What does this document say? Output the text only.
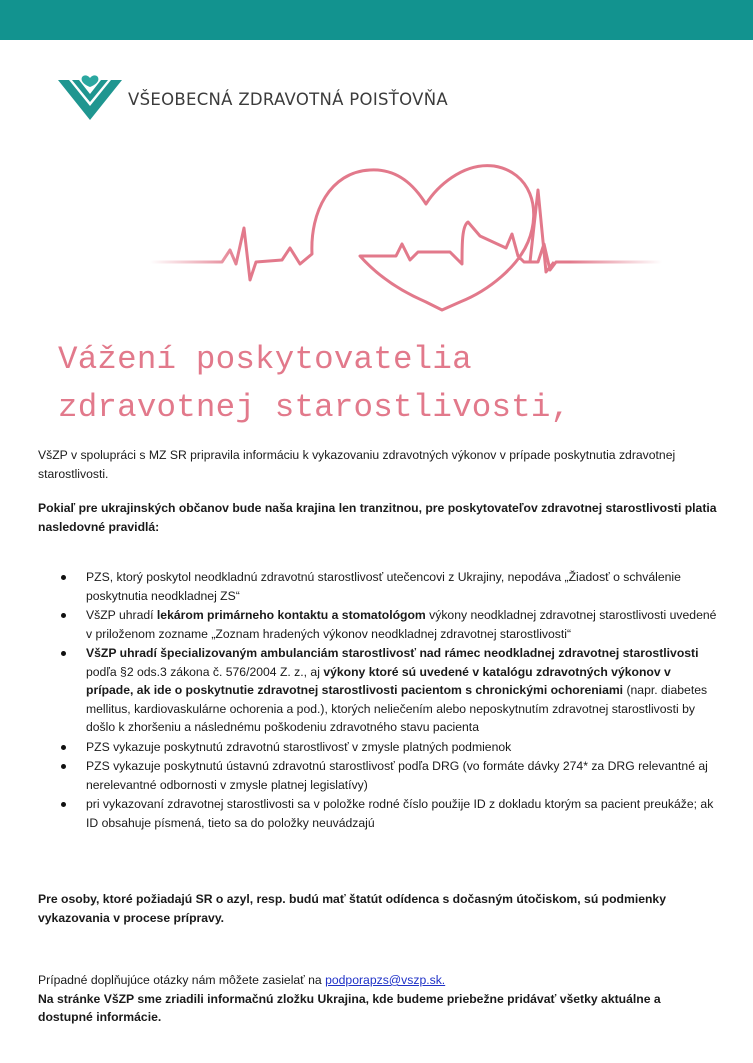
VŠEOBECNÁ ZDRAVOTNÁ POISŤOVŇA
Vážení poskytovatelia
zdravotnej starostlivosti,

VšZP v spolupráci s MZ SR pripravila informáciu k vykazovaniu zdravotných výkonov v prípade poskytnutia zdravotnej starostlivosti.

Pokiaľ pre ukrajinských občanov bude naša krajina len tranzitnou, pre poskytovateľov zdravotnej starostlivosti platia nasledovné pravidlá:

PZS, ktorý poskytol neodkladnú zdravotnú starostlivosť utečencovi z Ukrajiny, nepodáva „Žiadosť o schválenie poskytnutia neodkladnej ZS“
VšZP uhradí lekárom primárneho kontaktu a stomatológom výkony neodkladnej zdravotnej starostlivosti uvedené v priloženom zozname „Zoznam hradených výkonov neodkladnej zdravotnej starostlivosti“
VšZP uhradí špecializovaným ambulanciám starostlivosť nad rámec neodkladnej zdravotnej starostlivosti podľa §2 ods.3 zákona č. 576/2004 Z. z., aj výkony ktoré sú uvedené v katalógu zdravotných výkonov v prípade, ak ide o poskytnutie zdravotnej starostlivosti pacientom s chronickými ochoreniami (napr. diabetes mellitus, kardiovaskulárne ochorenia a pod.), ktorých neliečením alebo neposkytnutím zdravotnej starostlivosti by došlo k zhoršeniu a následnému poškodeniu zdravotného stavu pacienta
PZS vykazuje poskytnutú zdravotnú starostlivosť v zmysle platných podmienok
PZS vykazuje poskytnutú ústavnú zdravotnú starostlivosť podľa DRG (vo formáte dávky 274* za DRG relevantné aj nerelevantné odbornosti v zmysle platnej legislatívy)
pri vykazovaní zdravotnej starostlivosti sa v položke rodné číslo použije ID z dokladu ktorým sa pacient preukáže; ak ID obsahuje písmená, tieto sa do položky neuvádzajú

Pre osoby, ktoré požiadajú SR o azyl, resp. budú mať štatút odídenca s dočasným útočiskom, sú podmienky vykazovania v procese prípravy.

Prípadné doplňujúce otázky nám môžete zasielať na podporapzs@vszp.sk.

Na stránke VšZP sme zriadili informačnú zložku Ukrajina, kde budeme priebežne pridávať všetky aktuálne a dostupné informácie.
